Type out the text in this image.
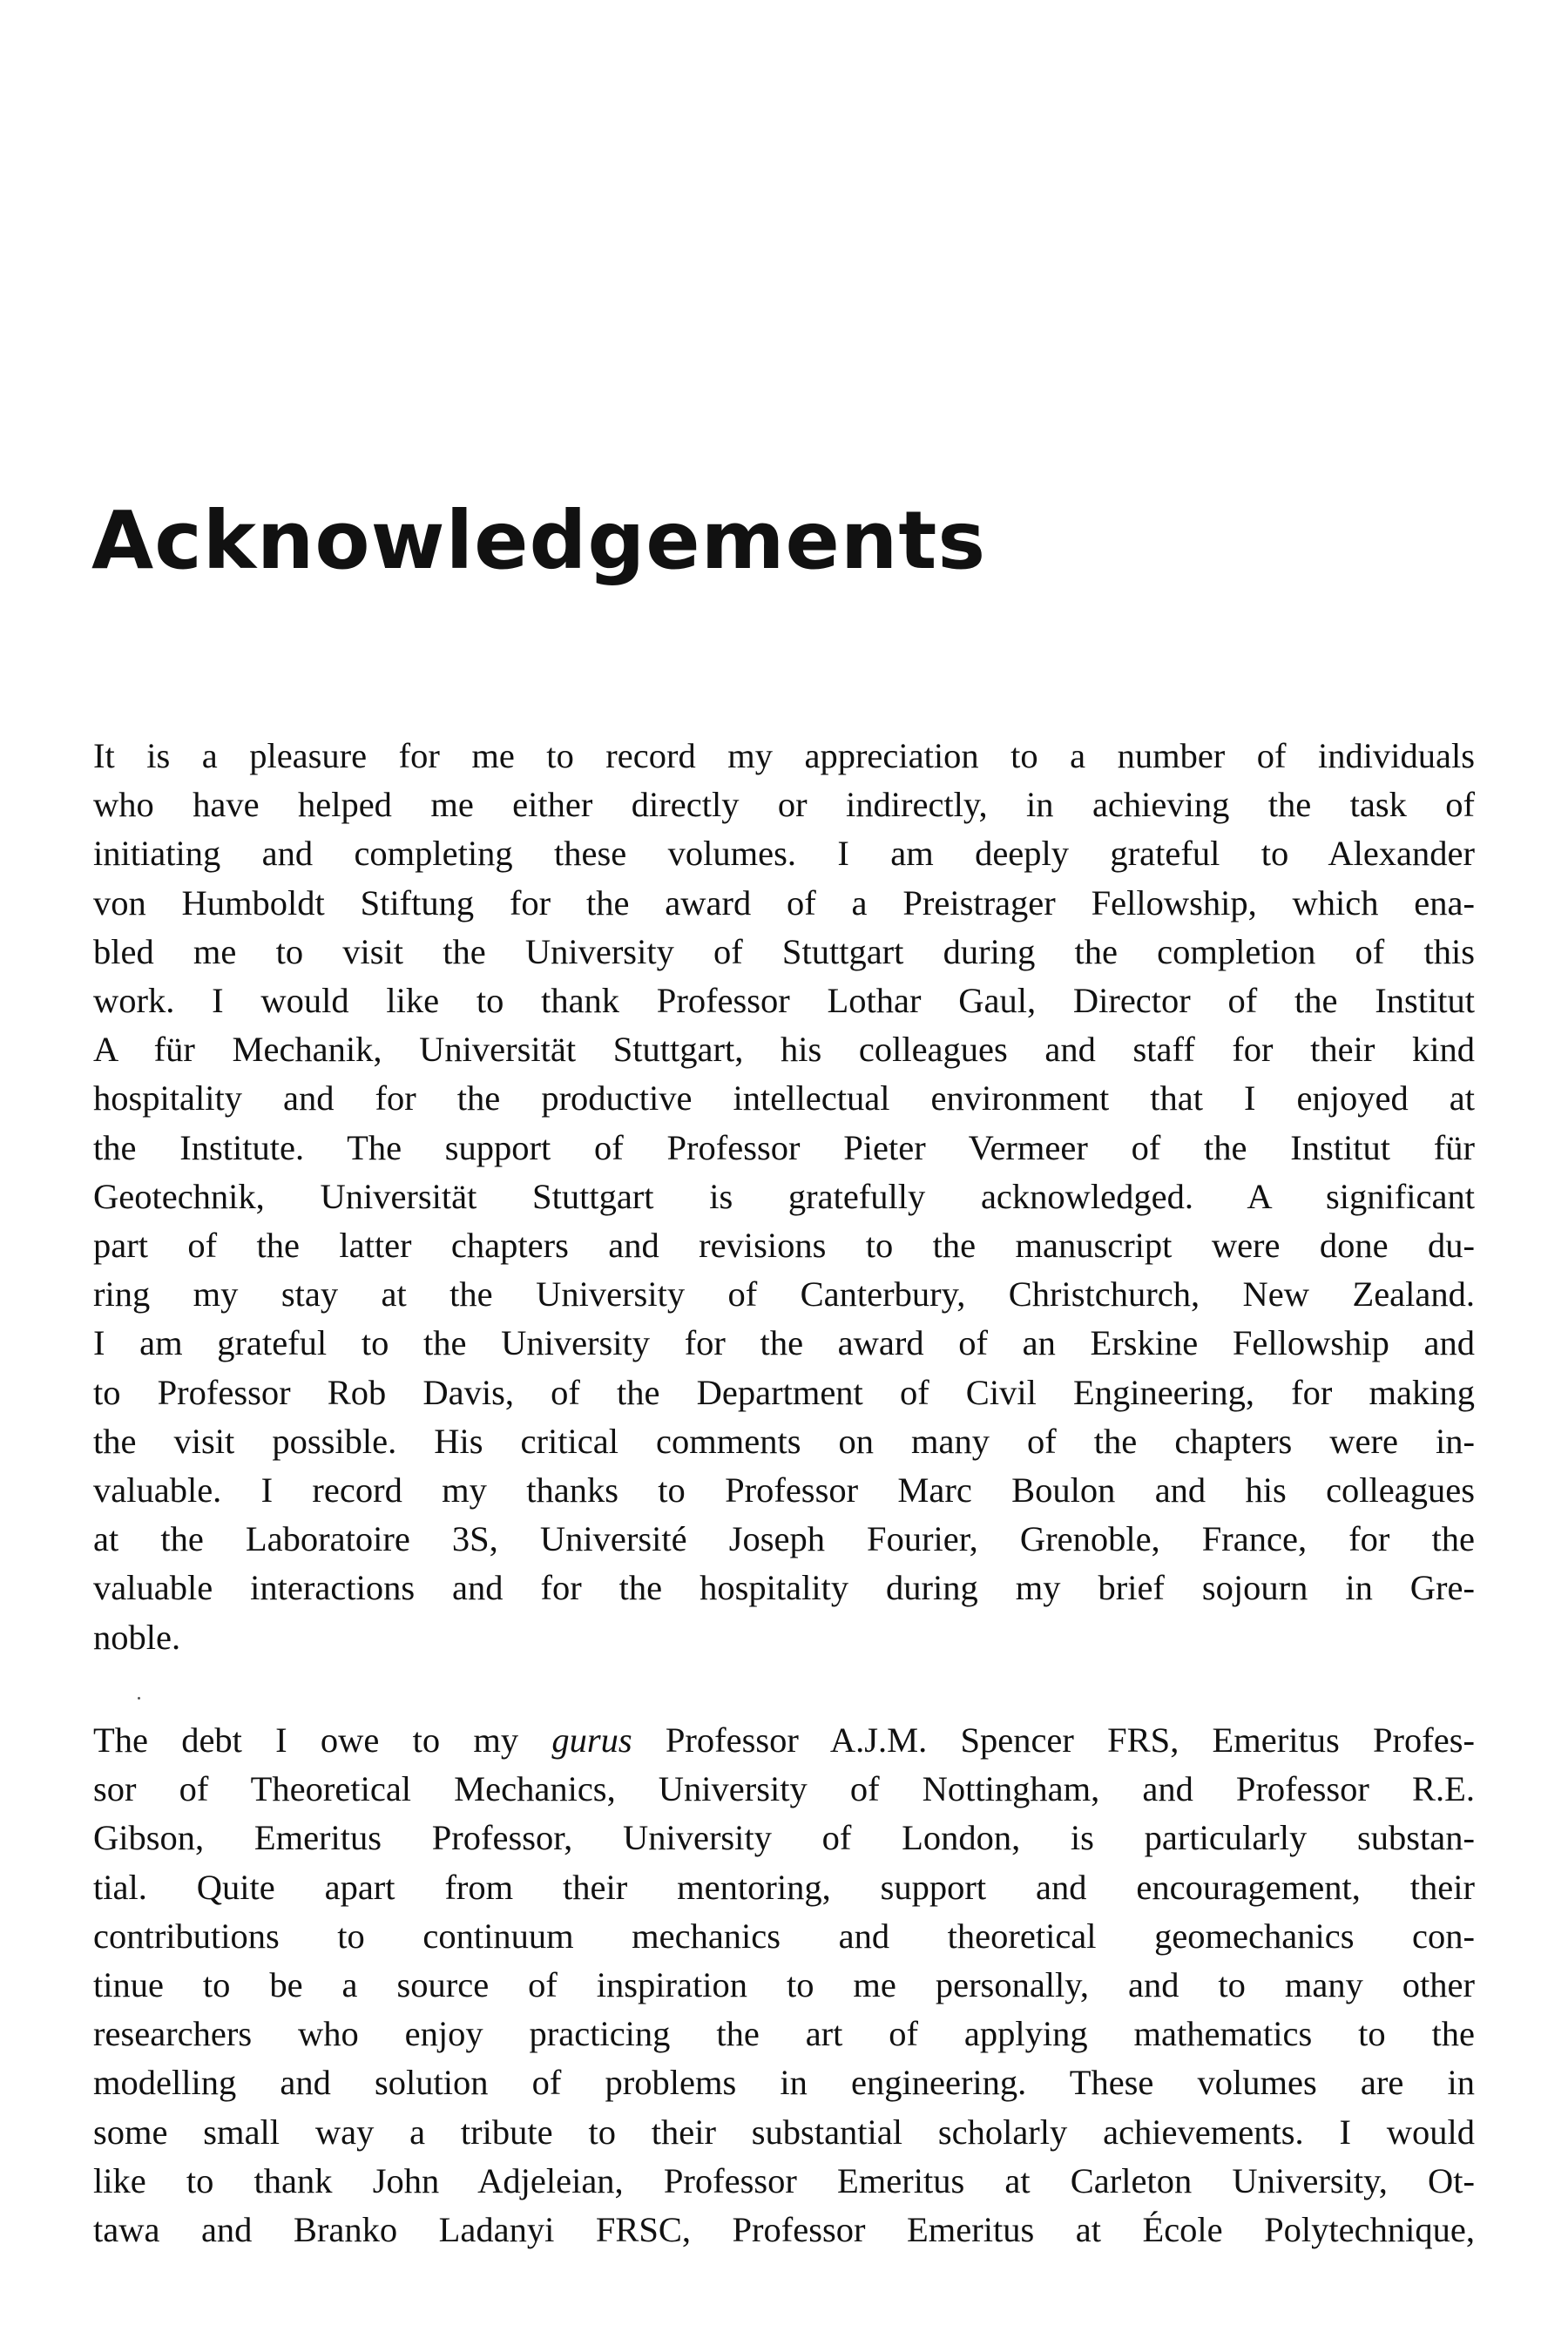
Acknowledgements
It is a pleasure for me to record my appreciation to a number of individuals
who have helped me either directly or indirectly, in achieving the task of
initiating and completing these volumes. I am deeply grateful to Alexander
von Humboldt Stiftung for the award of a Preistrager Fellowship, which ena-
bled me to visit the University of Stuttgart during the completion of this
work. I would like to thank Professor Lothar Gaul, Director of the Institut
A für Mechanik, Universität Stuttgart, his colleagues and staff for their kind
hospitality and for the productive intellectual environment that I enjoyed at
the Institute. The support of Professor Pieter Vermeer of the Institut für
Geotechnik, Universität Stuttgart is gratefully acknowledged. A significant
part of the latter chapters and revisions to the manuscript were done du-
ring my stay at the University of Canterbury, Christchurch, New Zealand.
I am grateful to the University for the award of an Erskine Fellowship and
to Professor Rob Davis, of the Department of Civil Engineering, for making
the visit possible. His critical comments on many of the chapters were in-
valuable. I record my thanks to Professor Marc Boulon and his colleagues
at the Laboratoire 3S, Université Joseph Fourier, Grenoble, France, for the
valuable interactions and for the hospitality during my brief sojourn in Gre-
noble.
The debt I owe to my gurus Professor A.J.M. Spencer FRS, Emeritus Profes-
sor of Theoretical Mechanics, University of Nottingham, and Professor R.E.
Gibson, Emeritus Professor, University of London, is particularly substan-
tial. Quite apart from their mentoring, support and encouragement, their
contributions to continuum mechanics and theoretical geomechanics con-
tinue to be a source of inspiration to me personally, and to many other
researchers who enjoy practicing the art of applying mathematics to the
modelling and solution of problems in engineering. These volumes are in
some small way a tribute to their substantial scholarly achievements. I would
like to thank John Adjeleian, Professor Emeritus at Carleton University, Ot-
tawa and Branko Ladanyi FRSC, Professor Emeritus at École Polytechnique,
